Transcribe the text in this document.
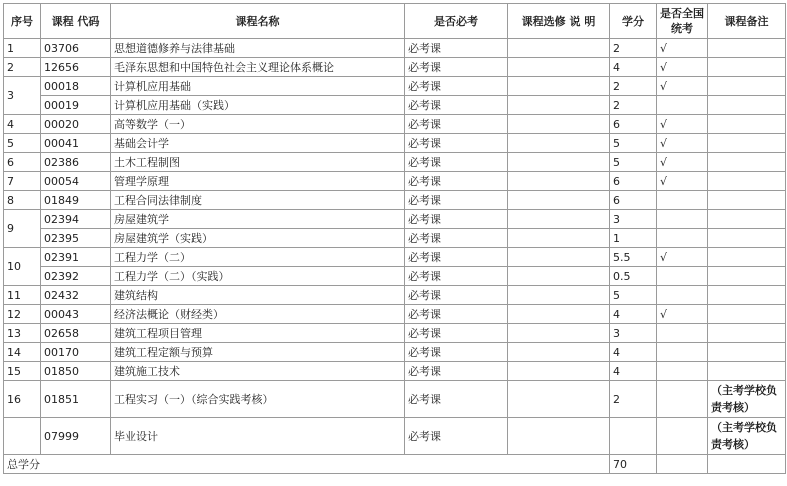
序号	课程 代码	课程名称	是否必考	课程选修 说 明	学分	是否全国统考	课程备注
1	03706	思想道德修养与法律基础	必考课		2	√	
2	12656	毛泽东思想和中国特色社会主义理论体系概论	必考课		4	√	
3	00018	计算机应用基础	必考课		2	√	
	00019	计算机应用基础（实践）	必考课		2		
4	00020	高等数学（一）	必考课		6	√	
5	00041	基础会计学	必考课		5	√	
6	02386	土木工程制图	必考课		5	√	
7	00054	管理学原理	必考课		6	√	
8	01849	工程合同法律制度	必考课		6		
9	02394	房屋建筑学	必考课		3		
	02395	房屋建筑学（实践）	必考课		1		
10	02391	工程力学（二）	必考课		5.5	√	
	02392	工程力学（二）（实践）	必考课		0.5		
11	02432	建筑结构	必考课		5		
12	00043	经济法概论（财经类）	必考课		4	√	
13	02658	建筑工程项目管理	必考课		3		
14	00170	建筑工程定额与预算	必考课		4		
15	01850	建筑施工技术	必考课		4		
16	01851	工程实习（一）（综合实践考核）	必考课		2		（主考学校负责考核）
	07999	毕业设计	必考课				（主考学校负责考核）
总学分					70		
